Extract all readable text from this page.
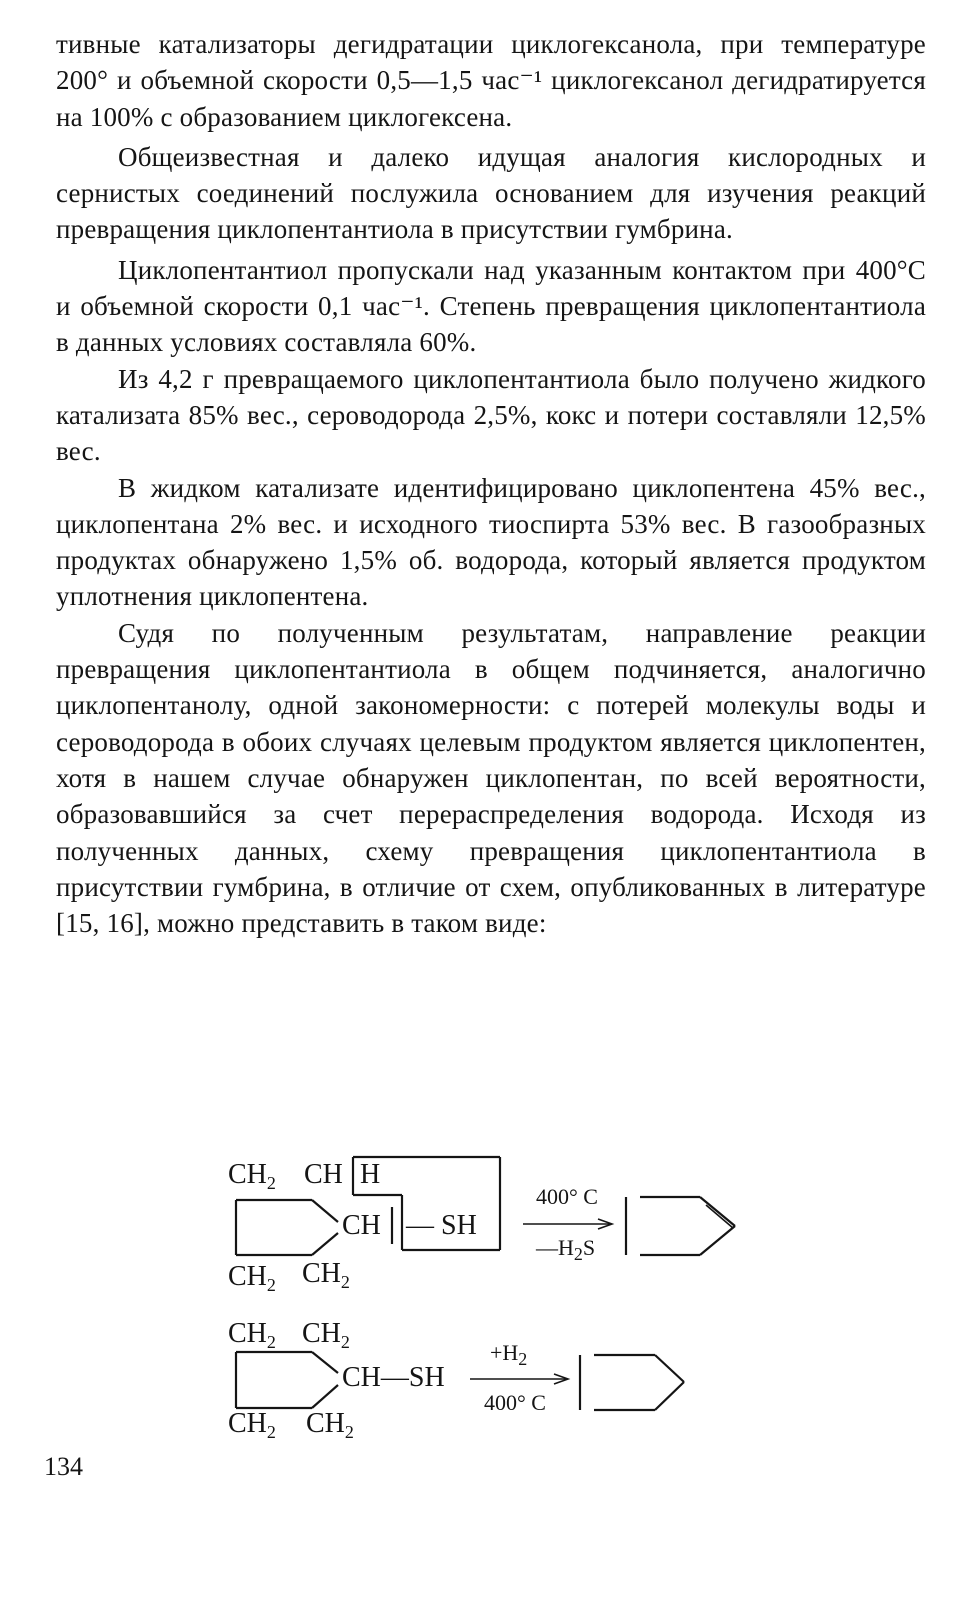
тивные катализаторы дегидратации циклогексанола, при температуре 200° и объемной скорости 0,5—1,5 час⁻¹ циклогексанол дегидратируется на 100% с образованием циклогексена.

Общеизвестная и далеко идущая аналогия кислородных и сернистых соединений послужила основанием для изучения реакций превращения циклопентантиола в присутствии гумбрина.

Циклопентантиол пропускали над указанным контактом при 400°С и объемной скорости 0,1 час⁻¹. Степень превращения циклопентантиола в данных условиях составляла 60%.

Из 4,2 г превращаемого циклопентантиола было получено жидкого катализата 85% вес., сероводорода 2,5%, кокс и потери составляли 12,5% вес.

В жидком катализате идентифицировано циклопентена 45% вес., циклопентана 2% вес. и исходного тиоспирта 53% вес. В газообразных продуктах обнаружено 1,5% об. водорода, который является продуктом уплотнения циклопентена.

Судя по полученным результатам, направление реакции превращения циклопентантиола в общем подчиняется, аналогично циклопентанолу, одной закономерности: с потерей молекулы воды и сероводорода в обоих случаях целевым продуктом является циклопентен, хотя в нашем случае обнаружен циклопентан, по всей вероятности, образовавшийся за счет перераспределения водорода. Исходя из полученных данных, схему превращения циклопентантиола в присутствии гумбрина, в отличие от схем, опубликованных в литературе [15, 16], можно представить в таком виде:

$CH_2$ CH H
CH — SH
$CH_2$ $CH_2$
400° C
$—H_2S$
$CH_2$ $CH_2$
CH—SH
$CH_2$ $CH_2$
$+H_2$
400° C
134
